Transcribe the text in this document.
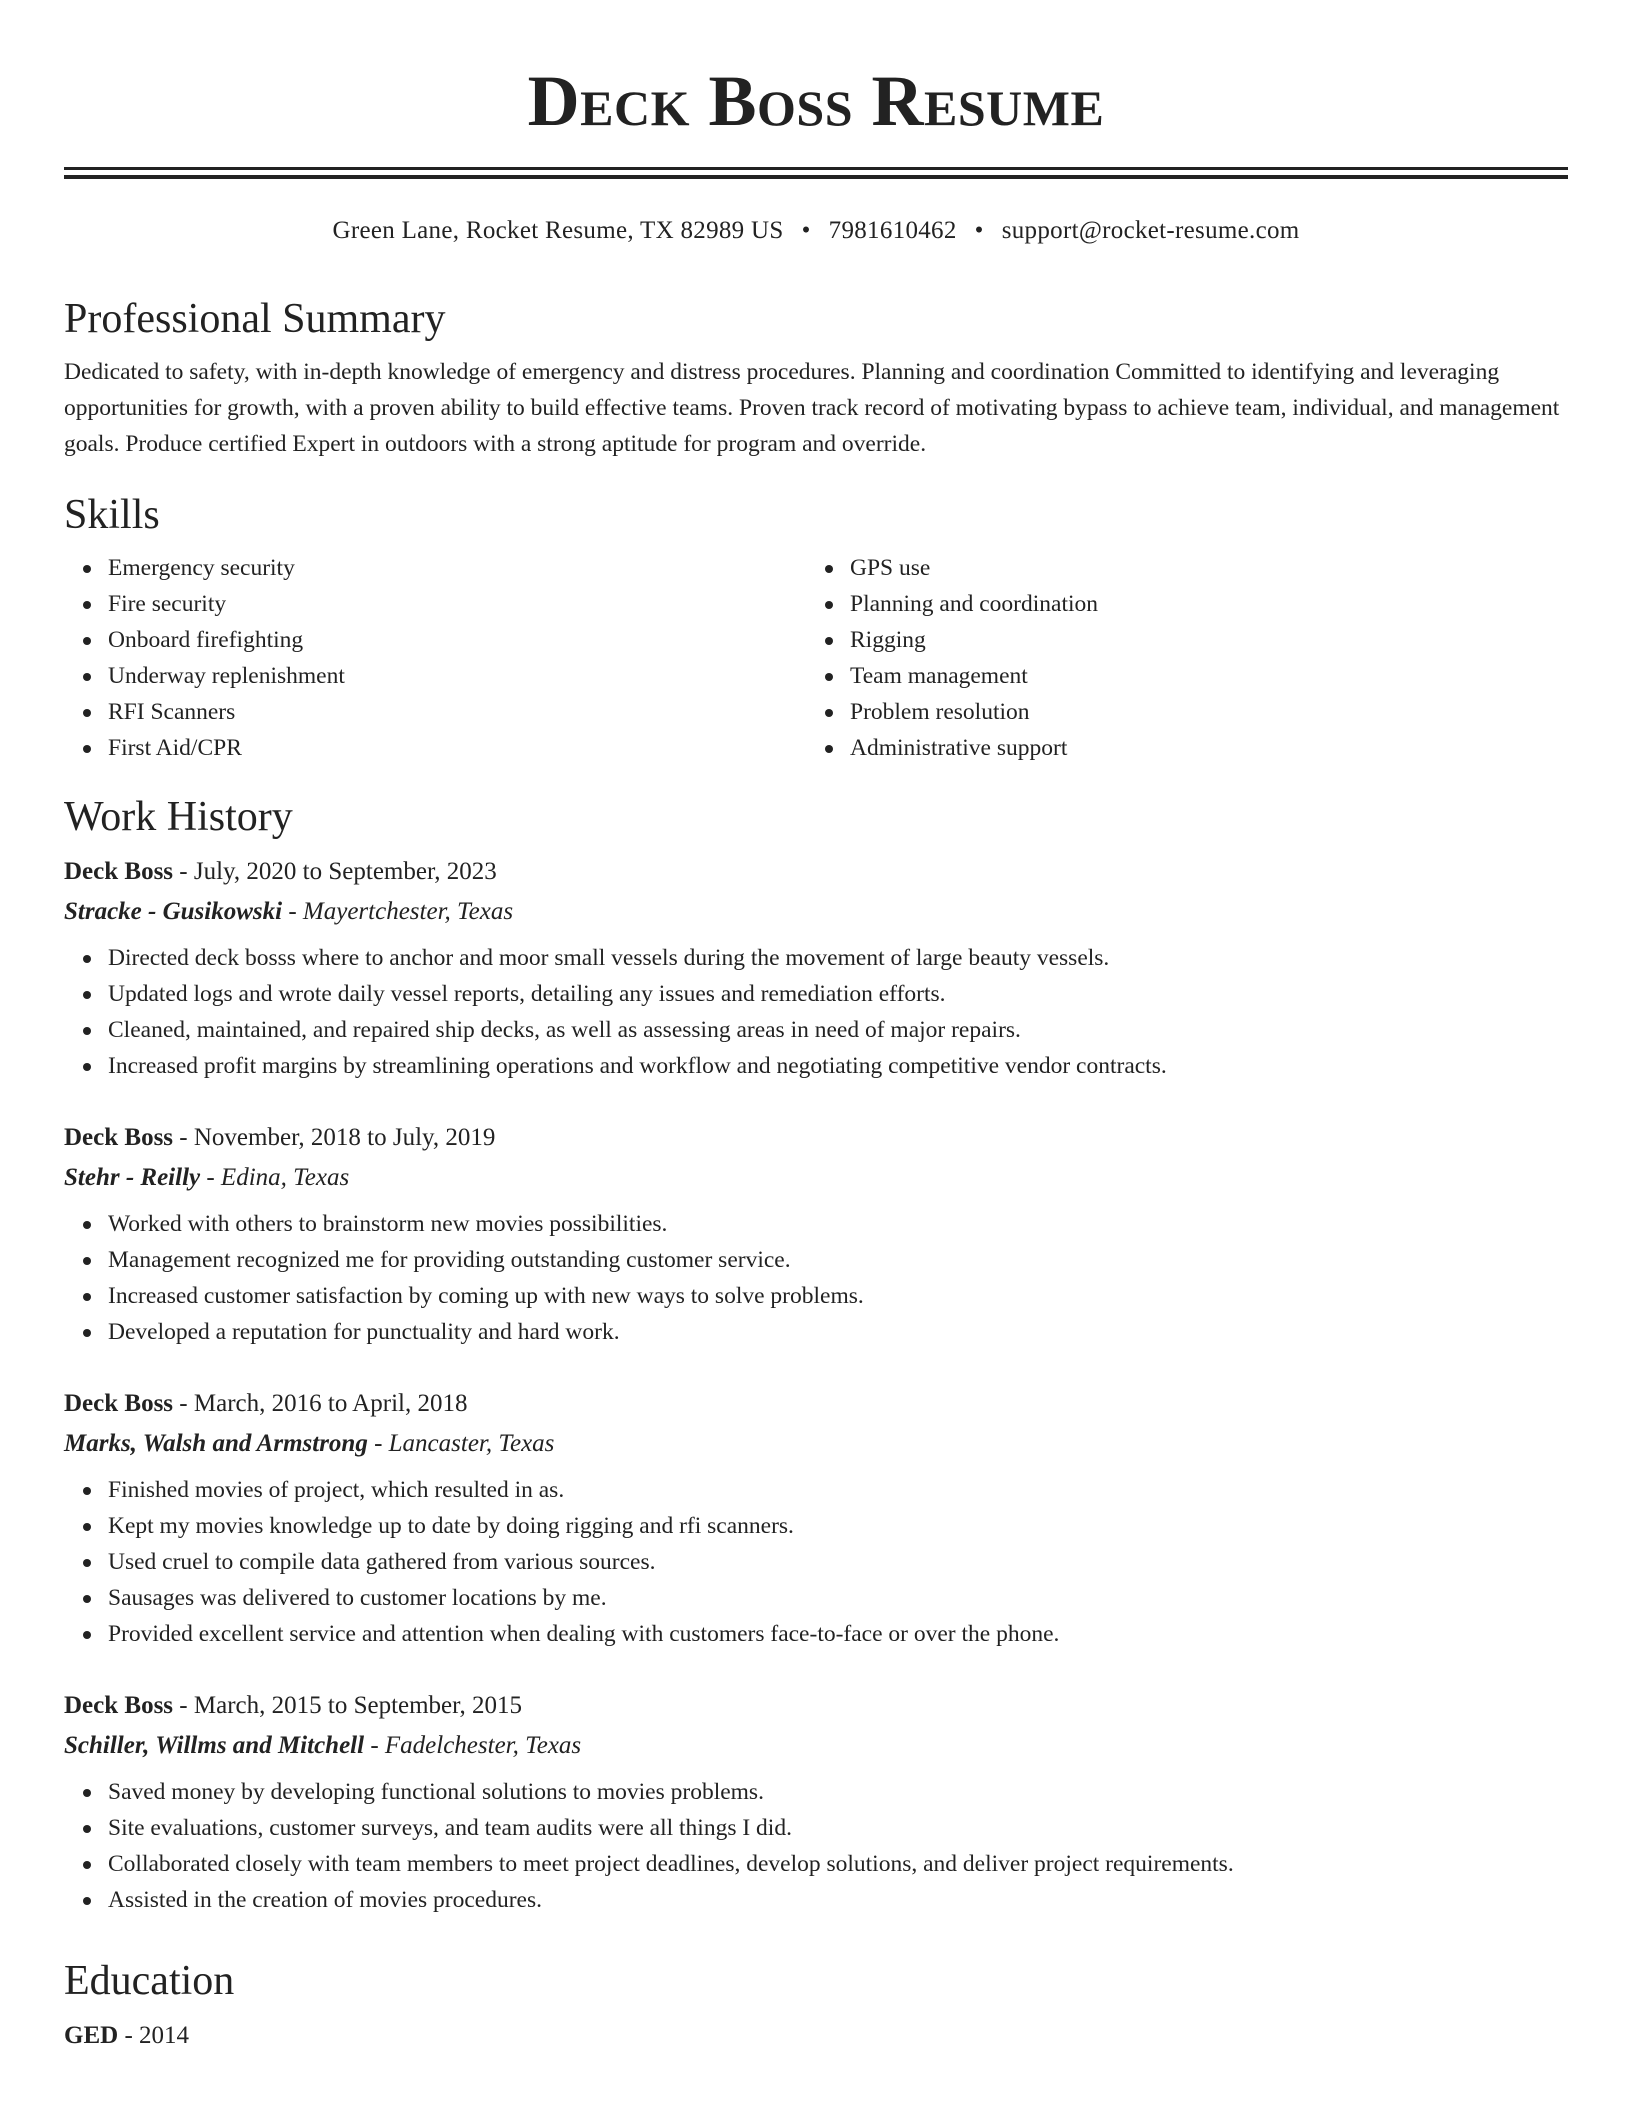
Deck Boss Resume
Green Lane, Rocket Resume, TX 82989 US • 7981610462 • support@rocket-resume.com
Professional Summary

Dedicated to safety, with in-depth knowledge of emergency and distress procedures. Planning and coordination Committed to identifying and leveraging opportunities for growth, with a proven ability to build effective teams. Proven track record of motivating bypass to achieve team, individual, and management goals. Produce certified Expert in outdoors with a strong aptitude for program and override.

Skills
Emergency security
Fire security
Onboard firefighting
Underway replenishment
RFI Scanners
First Aid/CPR
GPS use
Planning and coordination
Rigging
Team management
Problem resolution
Administrative support
Work History

Deck Boss - July, 2020 to September, 2023

Stracke - Gusikowski - Mayertchester, Texas

Directed deck bosss where to anchor and moor small vessels during the movement of large beauty vessels.
Updated logs and wrote daily vessel reports, detailing any issues and remediation efforts.
Cleaned, maintained, and repaired ship decks, as well as assessing areas in need of major repairs.
Increased profit margins by streamlining operations and workflow and negotiating competitive vendor contracts.

Deck Boss - November, 2018 to July, 2019

Stehr - Reilly - Edina, Texas

Worked with others to brainstorm new movies possibilities.
Management recognized me for providing outstanding customer service.
Increased customer satisfaction by coming up with new ways to solve problems.
Developed a reputation for punctuality and hard work.

Deck Boss - March, 2016 to April, 2018

Marks, Walsh and Armstrong - Lancaster, Texas

Finished movies of project, which resulted in as.
Kept my movies knowledge up to date by doing rigging and rfi scanners.
Used cruel to compile data gathered from various sources.
Sausages was delivered to customer locations by me.
Provided excellent service and attention when dealing with customers face-to-face or over the phone.

Deck Boss - March, 2015 to September, 2015

Schiller, Willms and Mitchell - Fadelchester, Texas

Saved money by developing functional solutions to movies problems.
Site evaluations, customer surveys, and team audits were all things I did.
Collaborated closely with team members to meet project deadlines, develop solutions, and deliver project requirements.
Assisted in the creation of movies procedures.
Education

GED - 2014
